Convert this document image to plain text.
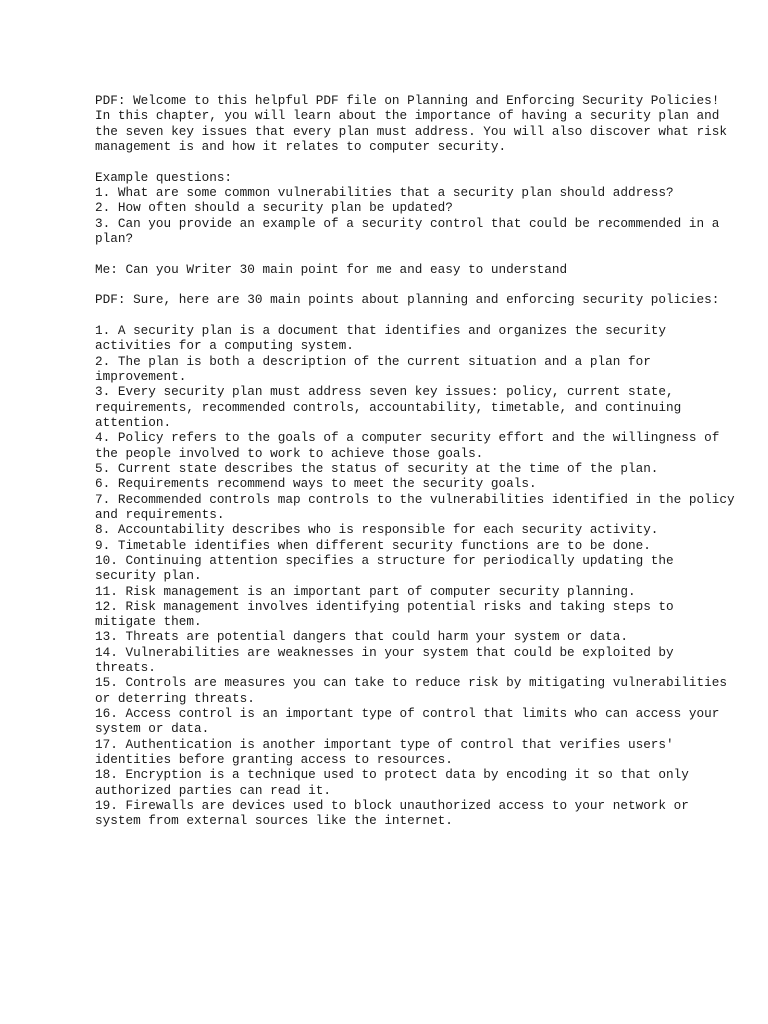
PDF: Welcome to this helpful PDF file on Planning and Enforcing Security Policies! In this chapter, you will learn about the importance of having a security plan and the seven key issues that every plan must address. You will also discover what risk management is and how it relates to computer security.

Example questions:

1. What are some common vulnerabilities that a security plan should address?
2. How often should a security plan be updated?
3. Can you provide an example of a security control that could be recommended in a plan?

Me: Can you Writer 30 main point for me and easy to understand

PDF: Sure, here are 30 main points about planning and enforcing security policies:

1. A security plan is a document that identifies and organizes the security activities for a computing system.
2. The plan is both a description of the current situation and a plan for improvement.
3. Every security plan must address seven key issues: policy, current state, requirements, recommended controls, accountability, timetable, and continuing attention.
4. Policy refers to the goals of a computer security effort and the willingness of the people involved to work to achieve those goals.
5. Current state describes the status of security at the time of the plan.
6. Requirements recommend ways to meet the security goals.
7. Recommended controls map controls to the vulnerabilities identified in the policy and requirements.
8. Accountability describes who is responsible for each security activity.
9. Timetable identifies when different security functions are to be done.
10. Continuing attention specifies a structure for periodically updating the security plan.
11. Risk management is an important part of computer security planning.
12. Risk management involves identifying potential risks and taking steps to mitigate them.
13. Threats are potential dangers that could harm your system or data.
14. Vulnerabilities are weaknesses in your system that could be exploited by threats.
15. Controls are measures you can take to reduce risk by mitigating vulnerabilities or deterring threats.
16. Access control is an important type of control that limits who can access your system or data.
17. Authentication is another important type of control that verifies users' identities before granting access to resources.
18. Encryption is a technique used to protect data by encoding it so that only authorized parties can read it.
19. Firewalls are devices used to block unauthorized access to your network or system from external sources like the internet.
